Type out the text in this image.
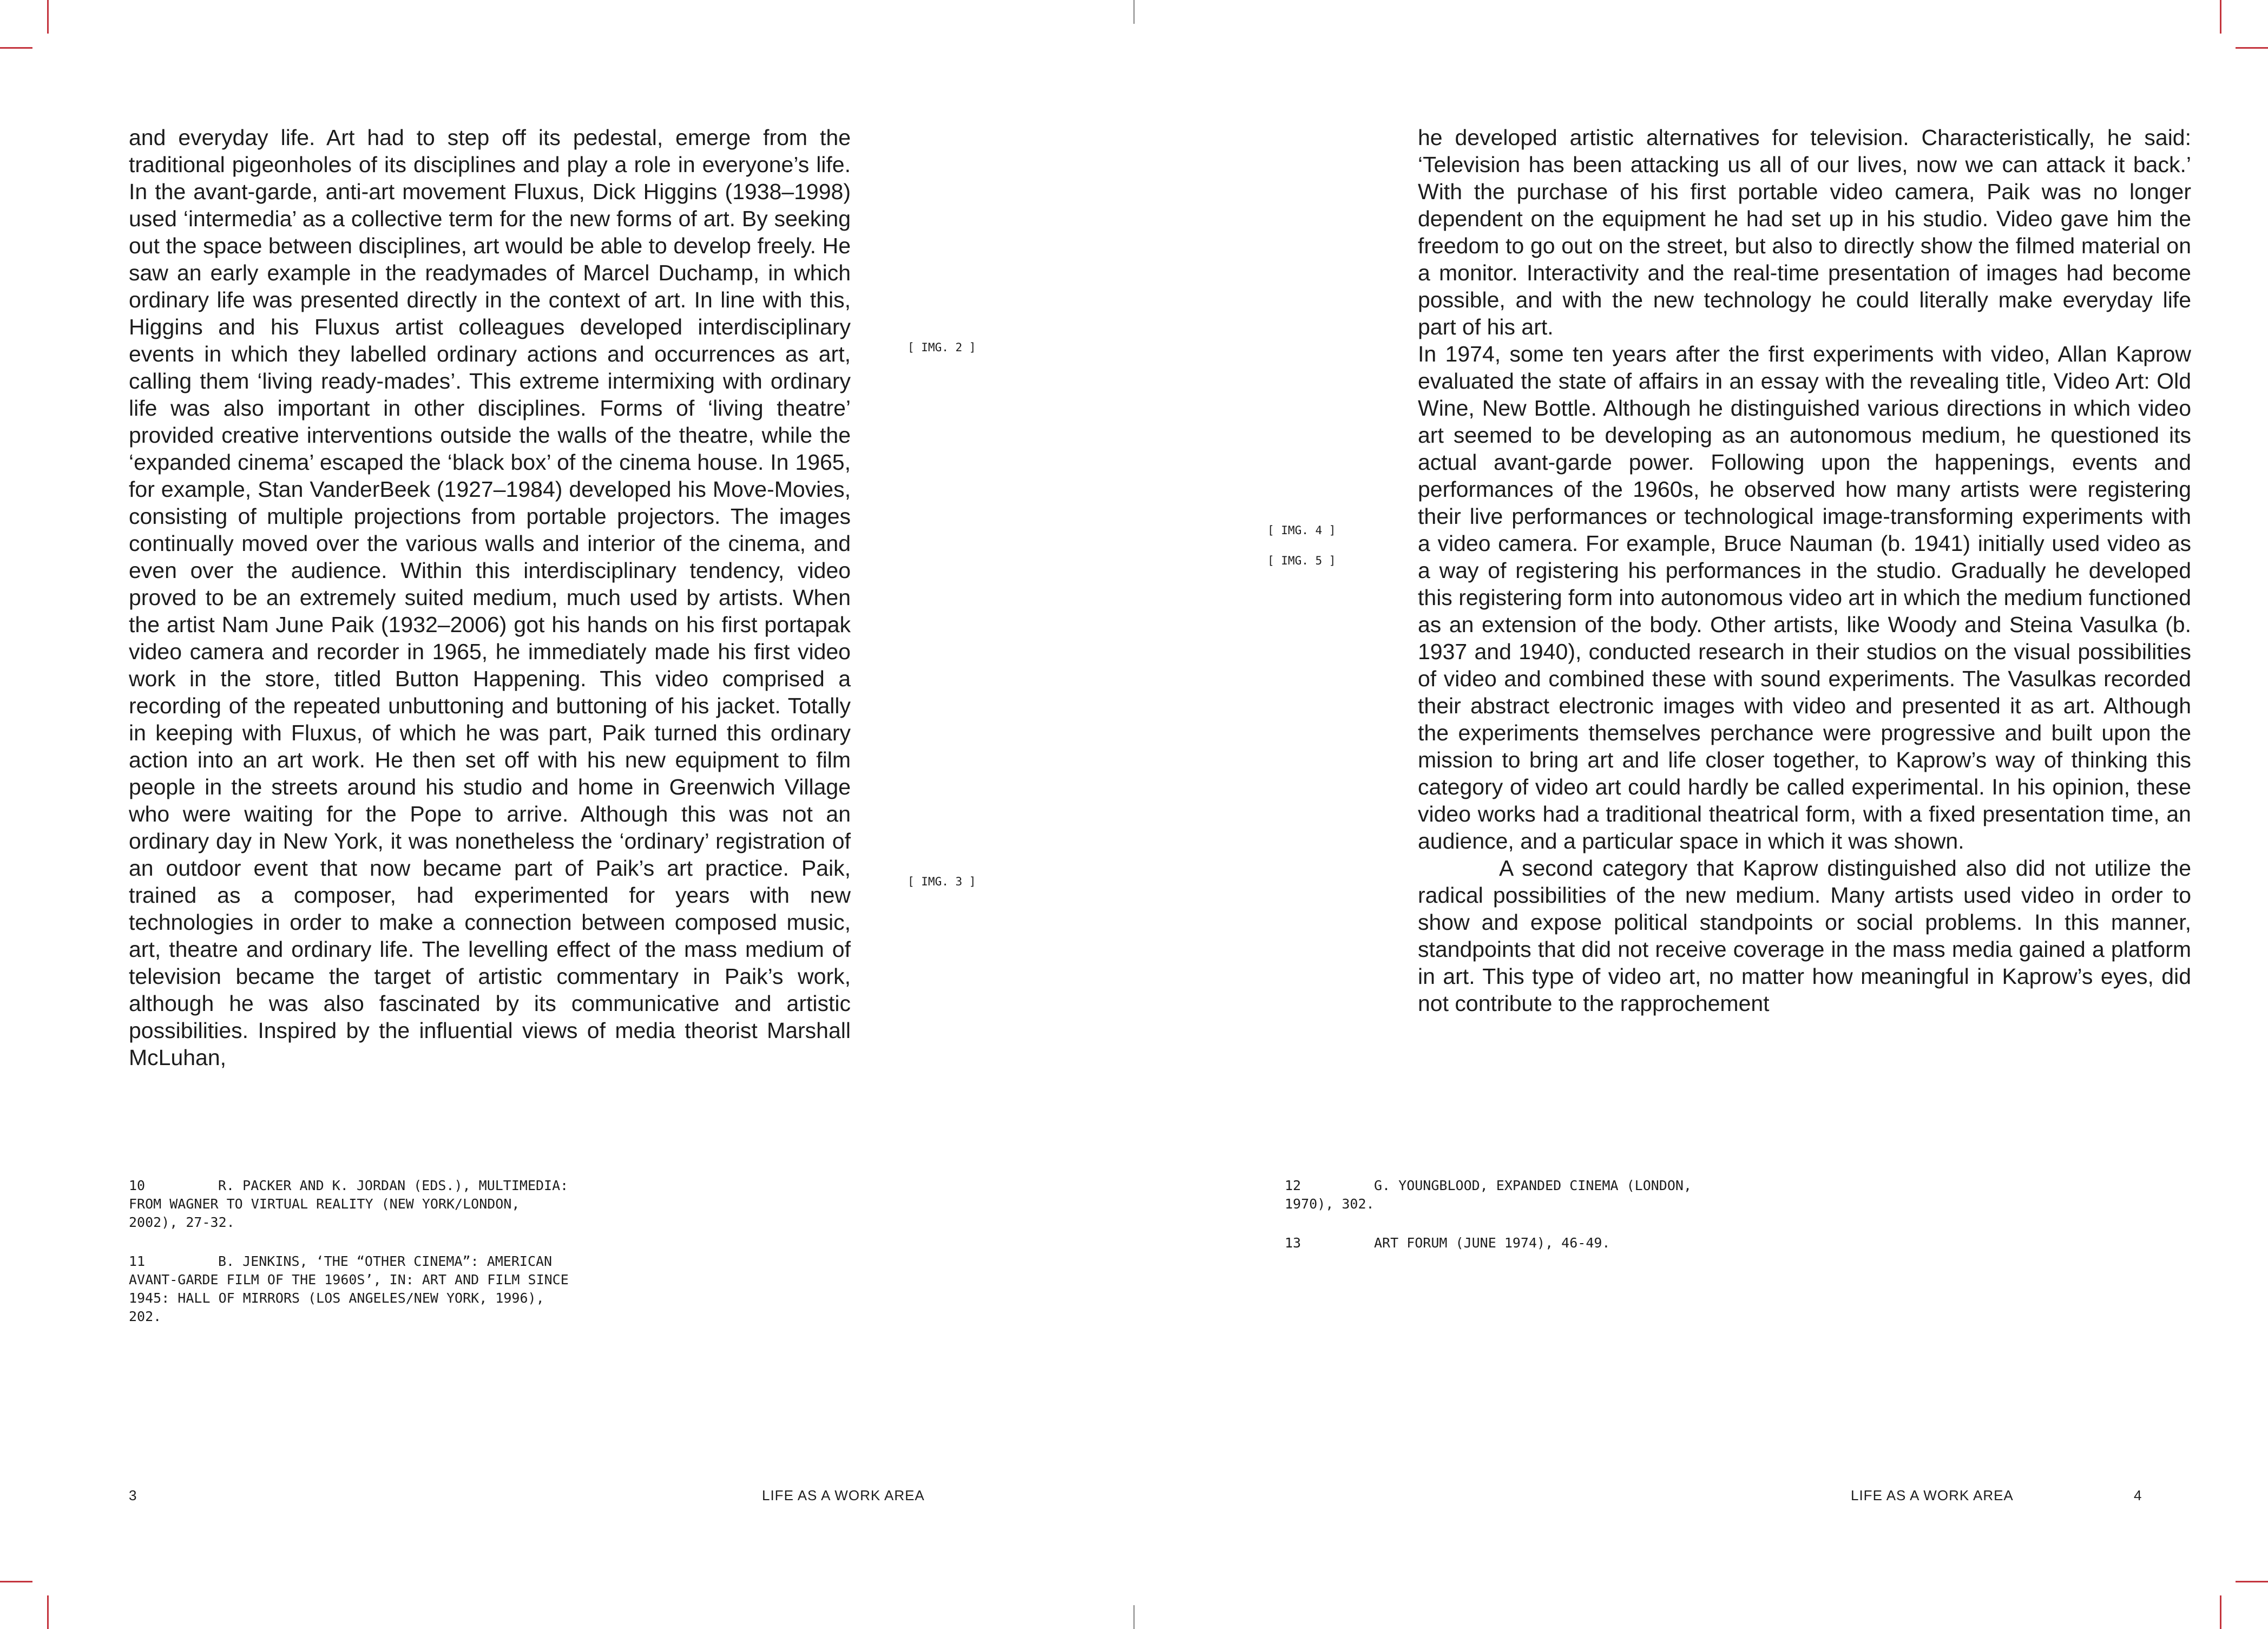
and everyday life. Art had to step off its pedestal, emerge from the traditional pigeonholes of its disciplines and play a role in everyone’s life. In the avant-garde, anti-art movement Fluxus, Dick Higgins (1938–1998) used ‘intermedia’ as a collective term for the new forms of art. By seeking out the space between disciplines, art would be able to develop freely. He saw an early example in the readymades of Marcel Duchamp, in which ordinary life was presented directly in the context of art. In line with this, Higgins and his Fluxus artist colleagues developed interdisciplinary events in which they labelled ordinary actions and occurrences as art, calling them ‘living ready-mades’. This extreme intermixing with ordinary life was also important in other disciplines. Forms of ‘living theatre’ provided creative interventions outside the walls of the theatre, while the ‘expanded cinema’ escaped the ‘black box’ of the cinema house. In 1965, for example, Stan VanderBeek (1927–1984) developed his Move-Movies, consisting of multiple projections from portable projectors. The images continually moved over the various walls and interior of the cinema, and even over the audience. Within this interdisciplinary tendency, video proved to be an extremely suited medium, much used by artists. When the artist Nam June Paik (1932–2006) got his hands on his first portapak video camera and recorder in 1965, he immediately made his first video work in the store, titled Button Happening. This video comprised a recording of the repeated unbuttoning and buttoning of his jacket. Totally in keeping with Fluxus, of which he was part, Paik turned this ordinary action into an art work. He then set off with his new equipment to film people in the streets around his studio and home in Greenwich Village who were waiting for the Pope to arrive. Although this was not an ordinary day in New York, it was nonetheless the ‘ordinary’ registration of an outdoor event that now became part of Paik’s art practice. Paik, trained as a composer, had experimented for years with new technologies in order to make a connection between composed music, art, theatre and ordinary life. The levelling effect of the mass medium of television became the target of artistic commentary in Paik’s work, although he was also fascinated by its communicative and artistic possibilities. Inspired by the influential views of media theorist Marshall McLuhan,

[ IMG. 2 ]
[ IMG. 3 ]
10	R. PACKER AND K. JORDAN (EDS.), MULTIMEDIA: FROM WAGNER TO VIRTUAL REALITY (NEW YORK/LONDON, 2002), 27-32.
11	B. JENKINS, ‘THE “OTHER CINEMA”: AMERICAN AVANT-GARDE FILM OF THE 1960S’, IN: ART AND FILM SINCE 1945: HALL OF MIRRORS (LOS ANGELES/NEW YORK, 1996), 202.
3	LIFE AS A WORK AREA

he developed artistic alternatives for television. Characteristically, he said: ‘Television has been attacking us all of our lives, now we can attack it back.’ With the purchase of his first portable video camera, Paik was no longer dependent on the equipment he had set up in his studio. Video gave him the freedom to go out on the street, but also to directly show the filmed material on a monitor. Interactivity and the real-time presentation of images had become possible, and with the new technology he could literally make everyday life part of his art.

In 1974, some ten years after the first experiments with video, Allan Kaprow evaluated the state of affairs in an essay with the revealing title, Video Art: Old Wine, New Bottle. Although he distinguished various directions in which video art seemed to be developing as an autonomous medium, he questioned its actual avant-garde power. Following upon the happenings, events and performances of the 1960s, he observed how many artists were registering their live performances or technological image-transforming experiments with a video camera. For example, Bruce Nauman (b. 1941) initially used video as a way of registering his performances in the studio. Gradually he developed this registering form into autonomous video art in which the medium functioned as an extension of the body. Other artists, like Woody and Steina Vasulka (b. 1937 and 1940), conducted research in their studios on the visual possibilities of video and combined these with sound experiments. The Vasulkas recorded their abstract electronic images with video and presented it as art. Although the experiments themselves perchance were progressive and built upon the mission to bring art and life closer together, to Kaprow’s way of thinking this category of video art could hardly be called experimental. In his opinion, these video works had a traditional theatrical form, with a fixed presentation time, an audience, and a particular space in which it was shown.

A second category that Kaprow distinguished also did not utilize the radical possibilities of the new medium. Many artists used video in order to show and expose political standpoints or social problems. In this manner, standpoints that did not receive coverage in the mass media gained a platform in art. This type of video art, no matter how meaningful in Kaprow’s eyes, did not contribute to the rapprochement

[ IMG. 4 ]
[ IMG. 5 ]
12	G. YOUNGBLOOD, EXPANDED CINEMA (LONDON, 1970), 302.
13	ART FORUM (JUNE 1974), 46-49.
LIFE AS A WORK AREA	4
